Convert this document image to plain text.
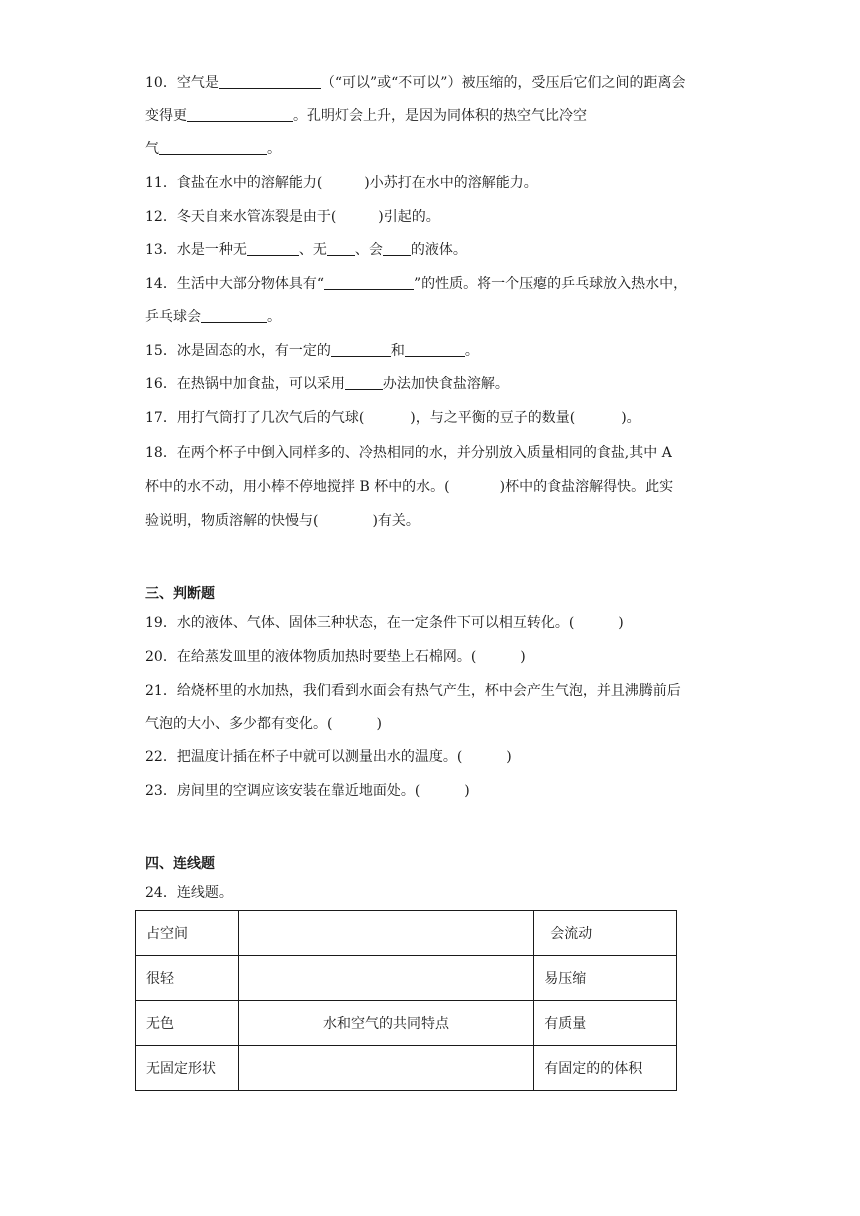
10．空气是	（“可以”或“不可以”）被压缩的，受压后它们之间的距离会
变得更	。孔明灯会上升，是因为同体积的热空气比冷空
气	。
11．食盐在水中的溶解能力(	)小苏打在水中的溶解能力。
12．冬天自来水管冻裂是由于(	)引起的。
13．水是一种无	、无 、会 的液体。
14．生活中大部分物体具有“	”的性质。将一个压瘪的乒乓球放入热水中，
乒乓球会	。
15．冰是固态的水，有一定的	和	。
16．在热锅中加食盐，可以采用	办法加快食盐溶解。
17．用打气筒打了几次气后的气球(	)，与之平衡的豆子的数量(	)。
18．在两个杯子中倒入同样多的、冷热相同的水，并分别放入质量相同的食盐,其中 A
杯中的水不动，用小棒不停地搅拌 B 杯中的水。(	)杯中的食盐溶解得快。此实
验说明，物质溶解的快慢与(	)有关。
三、判断题
19．水的液体、气体、固体三种状态，在一定条件下可以相互转化。(	)
20．在给蒸发皿里的液体物质加热时要垫上石棉网。(	)
21．给烧杯里的水加热，我们看到水面会有热气产生，杯中会产生气泡，并且沸腾前后
气泡的大小、多少都有变化。(	)
22．把温度计插在杯子中就可以测量出水的温度。(	)
23．房间里的空调应该安装在靠近地面处。(	)
四、连线题
24．连线题。
占空间		会流动
很轻		易压缩
无色	水和空气的共同特点	有质量
无固定形状		有固定的的体积
